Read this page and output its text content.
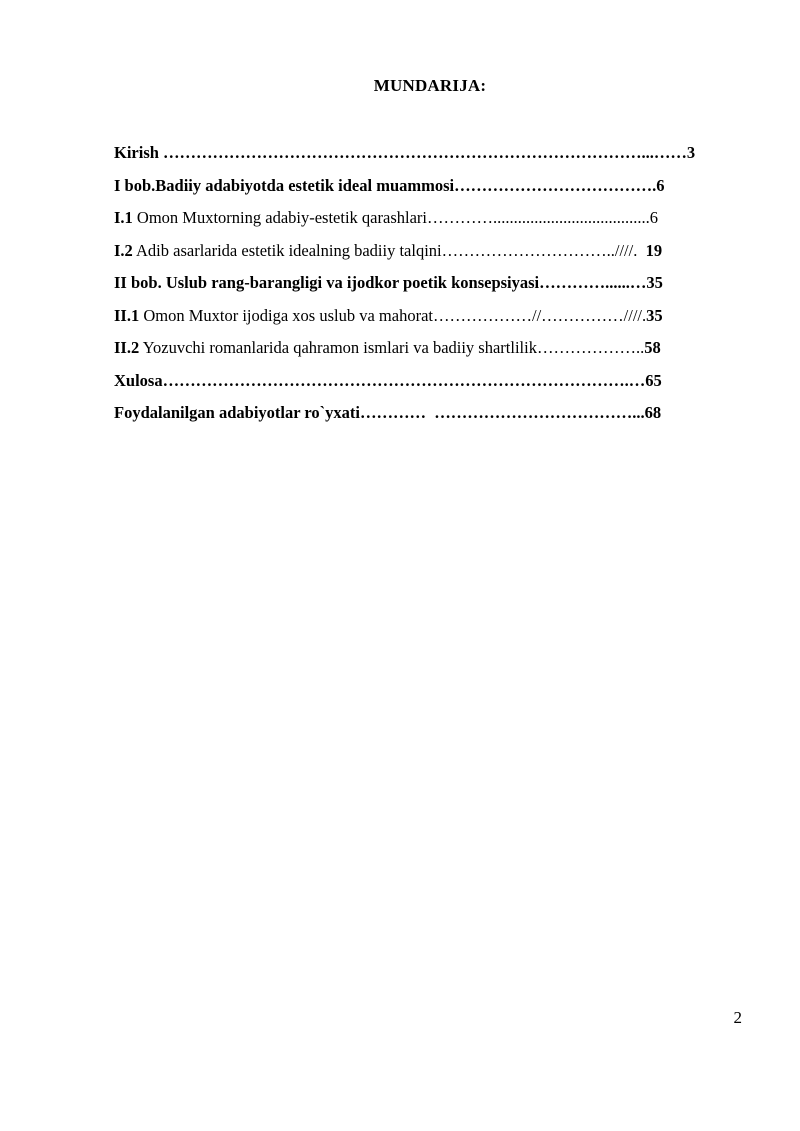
MUNDARIJA:
Kirish ……………………………………………………………………………...……3
I bob.Badiiy adabiyotda estetik ideal muammosi……………………………….6
I.1 Omon Muxtorning adabiy-estetik qarashlari…………......................................6
I.2 Adib asarlarida estetik idealning badiiy talqini…………………………..////.  19
II bob. Uslub rang-barangligi va ijodkor poetik konsepsiyasi…………......…35
II.1 Omon Muxtor ijodiga xos uslub va mahorat………………//……………////.35
II.2 Yozuvchi romanlarida qahramon ismlari va badiiy shartlilik………………..58
Xulosa………………………………………………………………………….…65
Foydalanilgan adabiyotlar ro`yxati…………  ………………………………...68
2
